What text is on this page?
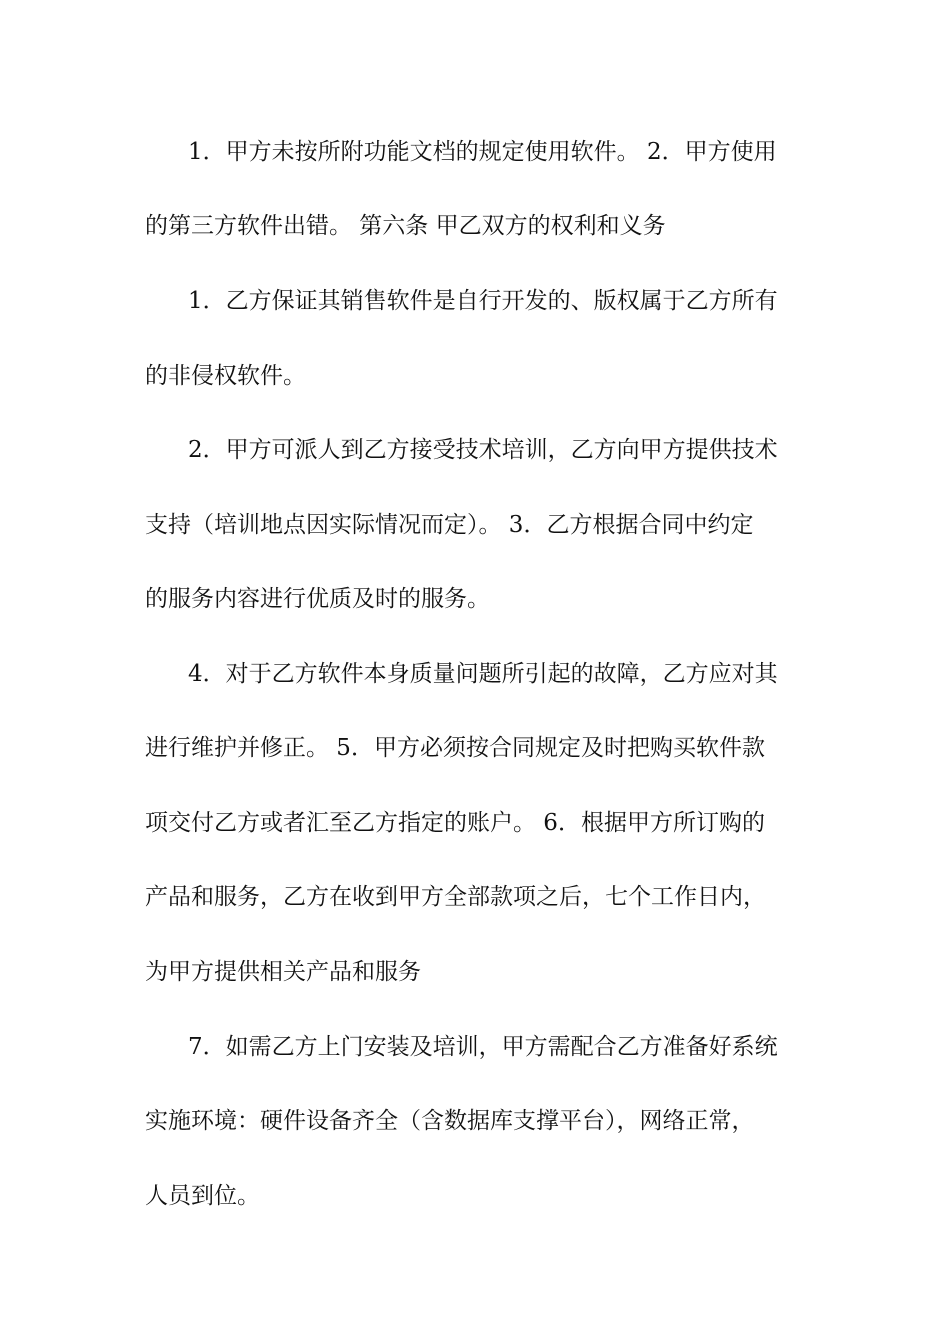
1．甲方未按所附功能文档的规定使用软件。 2．甲方使用
的第三方软件出错。 第六条 甲乙双方的权利和义务
1．乙方保证其销售软件是自行开发的、版权属于乙方所有
的非侵权软件。
2．甲方可派人到乙方接受技术培训，乙方向甲方提供技术
支持（培训地点因实际情况而定）。 3．乙方根据合同中约定
的服务内容进行优质及时的服务。
4．对于乙方软件本身质量问题所引起的故障，乙方应对其
进行维护并修正。 5．甲方必须按合同规定及时把购买软件款
项交付乙方或者汇至乙方指定的账户。 6．根据甲方所订购的
产品和服务，乙方在收到甲方全部款项之后，七个工作日内，
为甲方提供相关产品和服务
7．如需乙方上门安装及培训，甲方需配合乙方准备好系统
实施环境：硬件设备齐全（含数据库支撑平台），网络正常，
人员到位。
